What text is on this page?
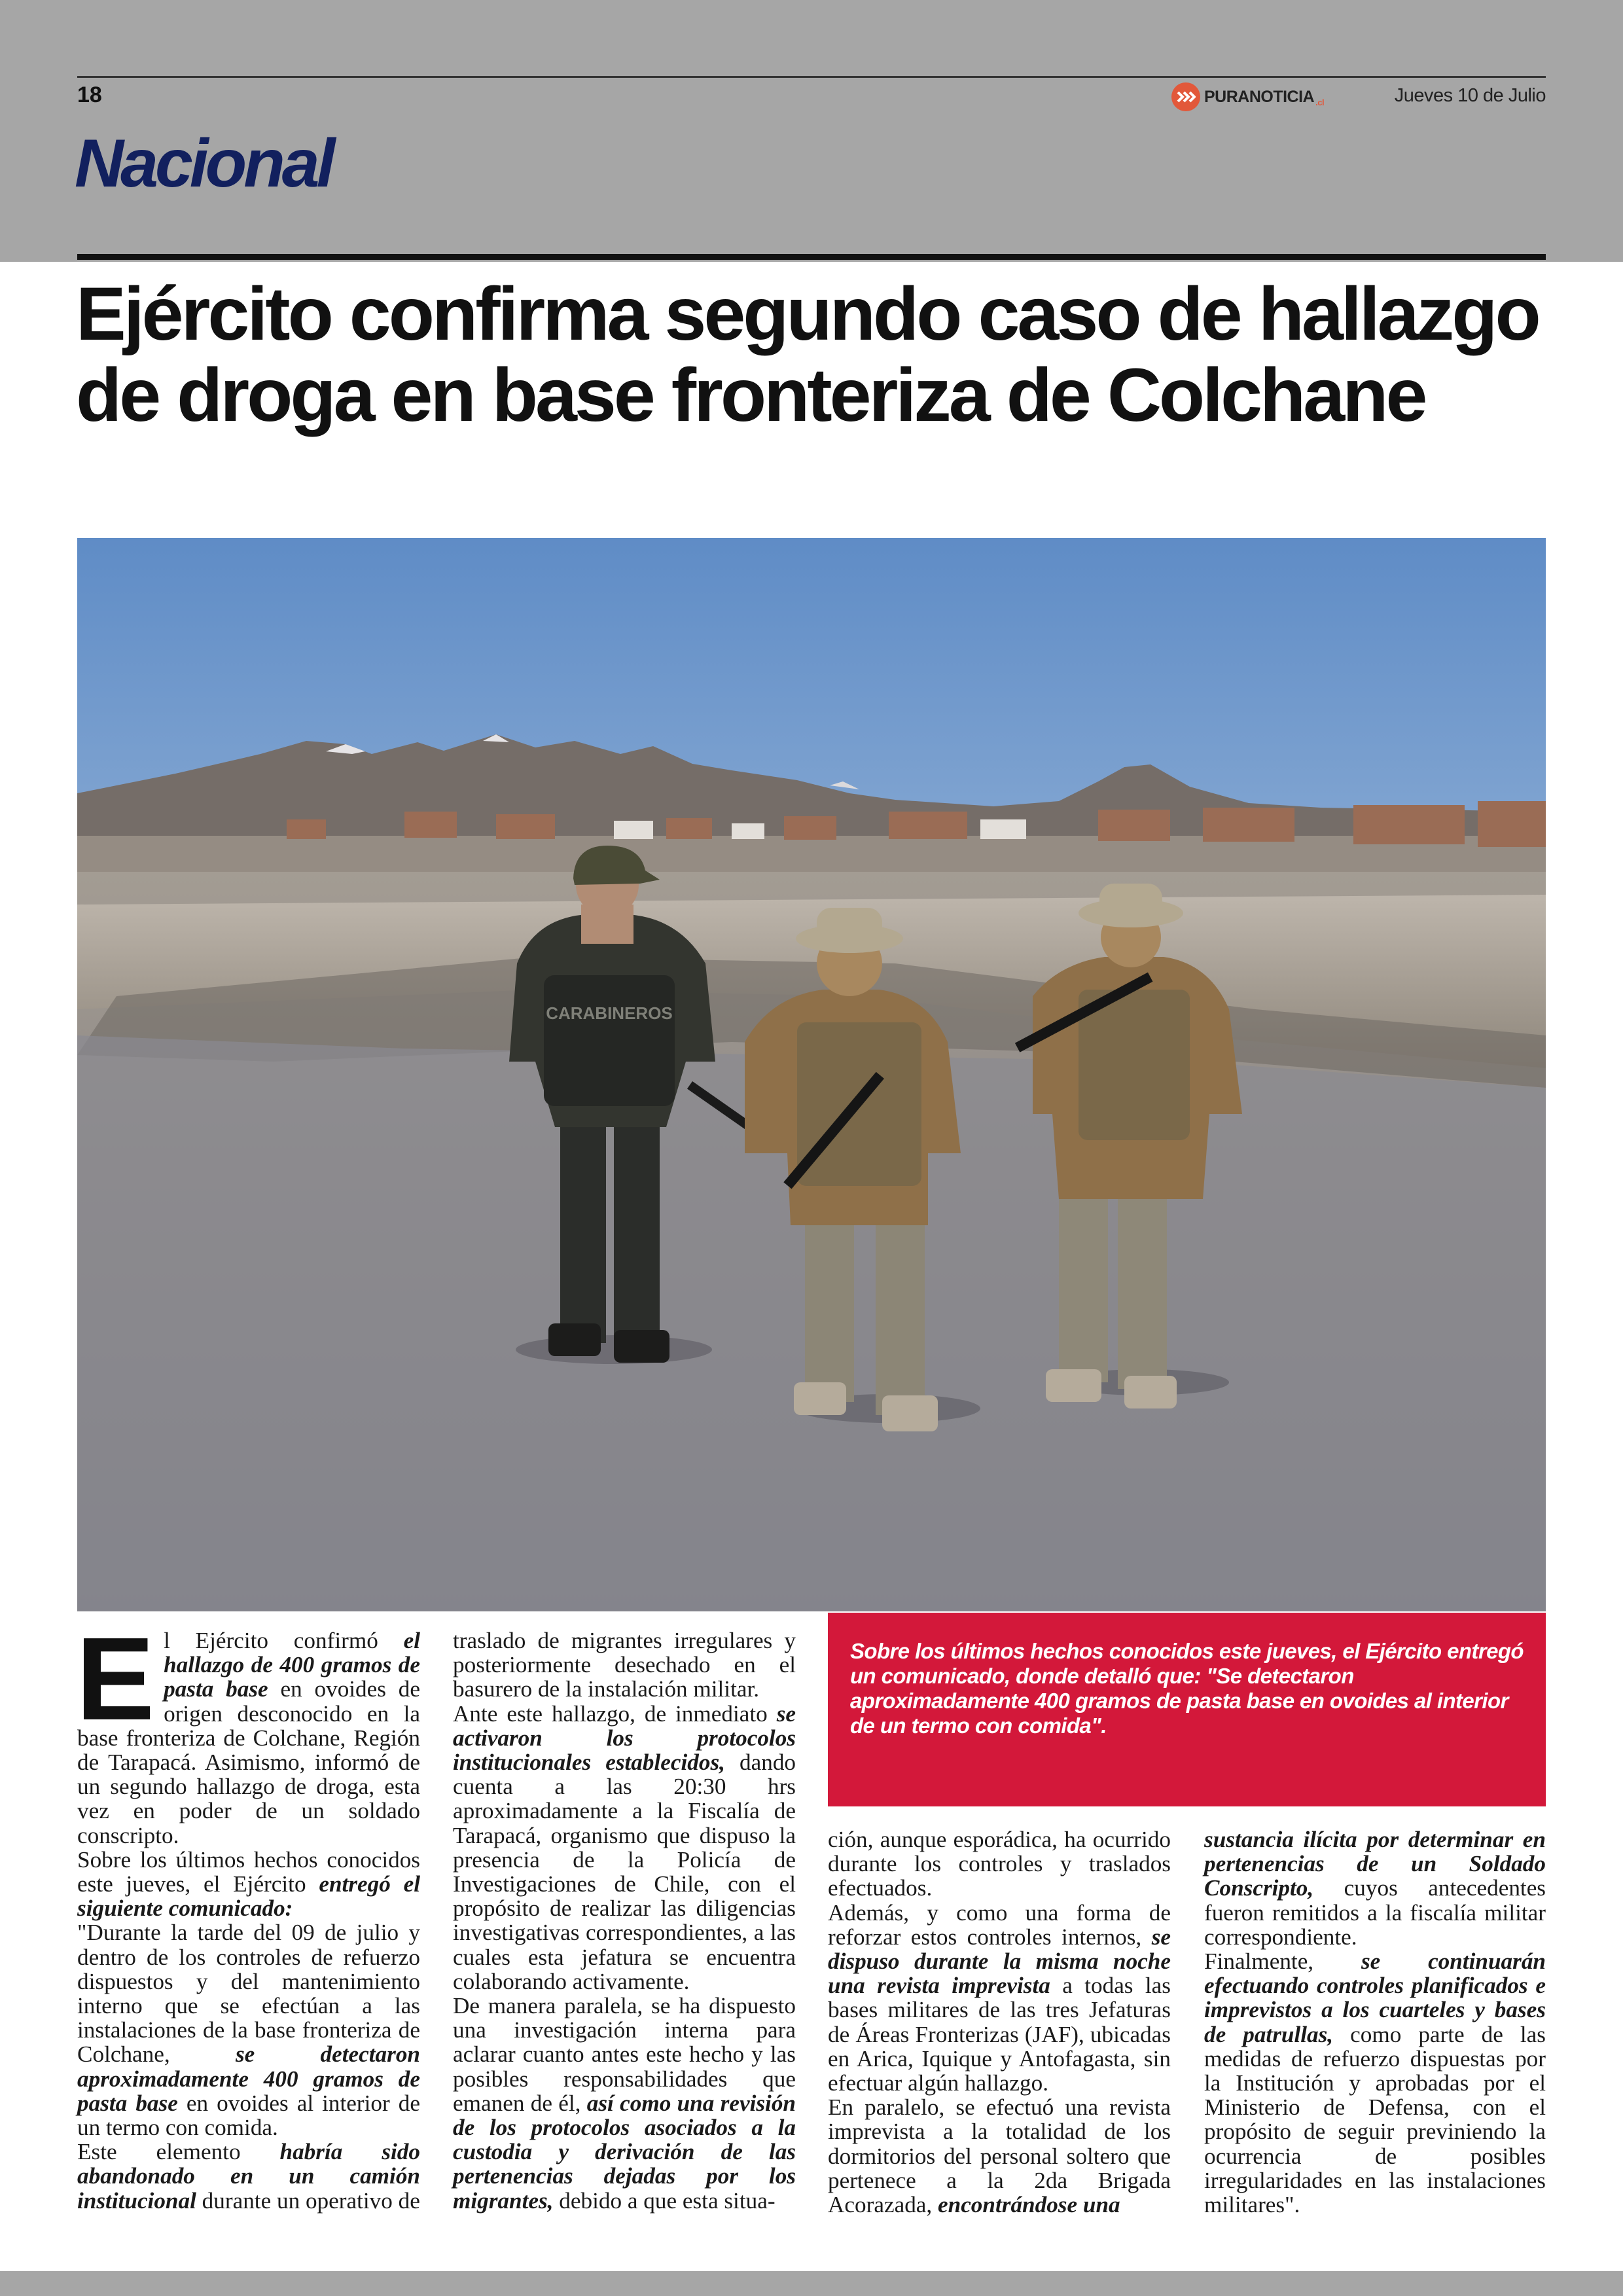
18	PURANOTICIA .cl	Jueves 10 de Julio
Nacional
Ejército confirma segundo caso de hallazgo de droga en base fronteriza de Colchane
CARABINEROS

El Ejército confirmó el hallazgo de 400 gramos de pasta base en ovoides de origen desconocido en la base fronteriza de Colchane, Región de Tarapacá. Asimismo, informó de un segundo hallazgo de droga, esta vez en poder de un soldado conscripto.

Sobre los últimos hechos conocidos este jueves, el Ejército entregó el siguiente comunicado:

"Durante la tarde del 09 de julio y dentro de los controles de refuerzo dispuestos y del mantenimiento interno que se efectúan a las instalaciones de la base fronteriza de Colchane, se detectaron aproximadamente 400 gramos de pasta base en ovoides al interior de un termo con comida.

Este elemento habría sido abandonado en un camión institucional durante un operativo de

traslado de migrantes irregulares y posteriormente desechado en el basurero de la instalación militar.

Ante este hallazgo, de inmediato se activaron los protocolos institucionales establecidos, dando cuenta a las 20:30 hrs aproximadamente a la Fiscalía de Tarapacá, organismo que dispuso la presencia de la Policía de Investigaciones de Chile, con el propósito de realizar las diligencias investigativas correspondientes, a las cuales esta jefatura se encuentra colaborando activamente.

De manera paralela, se ha dispuesto una investigación interna para aclarar cuanto antes este hecho y las posibles responsabilidades que emanen de él, así como una revisión de los protocolos asociados a la custodia y derivación de las pertenencias dejadas por los migrantes, debido a que esta situa-

Sobre los últimos hechos conocidos este jueves, el Ejército entregó un comunicado, donde detalló que: "Se detectaron aproximadamente 400 gramos de pasta base en ovoides al interior de un termo con comida".

ción, aunque esporádica, ha ocurrido durante los controles y traslados efectuados.

Además, y como una forma de reforzar estos controles internos, se dispuso durante la misma noche una revista imprevista a todas las bases militares de las tres Jefaturas de Áreas Fronterizas (JAF), ubicadas en Arica, Iquique y Antofagasta, sin efectuar algún hallazgo.

En paralelo, se efectuó una revista imprevista a la totalidad de los dormitorios del personal soltero que pertenece a la 2da Brigada Acorazada, encontrándose una

sustancia ilícita por determinar en pertenencias de un Soldado Conscripto, cuyos antecedentes fueron remitidos a la fiscalía militar correspondiente.

Finalmente, se continuarán efectuando controles planificados e imprevistos a los cuarteles y bases de patrullas, como parte de las medidas de refuerzo dispuestas por la Institución y aprobadas por el Ministerio de Defensa, con el propósito de seguir previniendo la ocurrencia de posibles irregularidades en las instalaciones militares".
